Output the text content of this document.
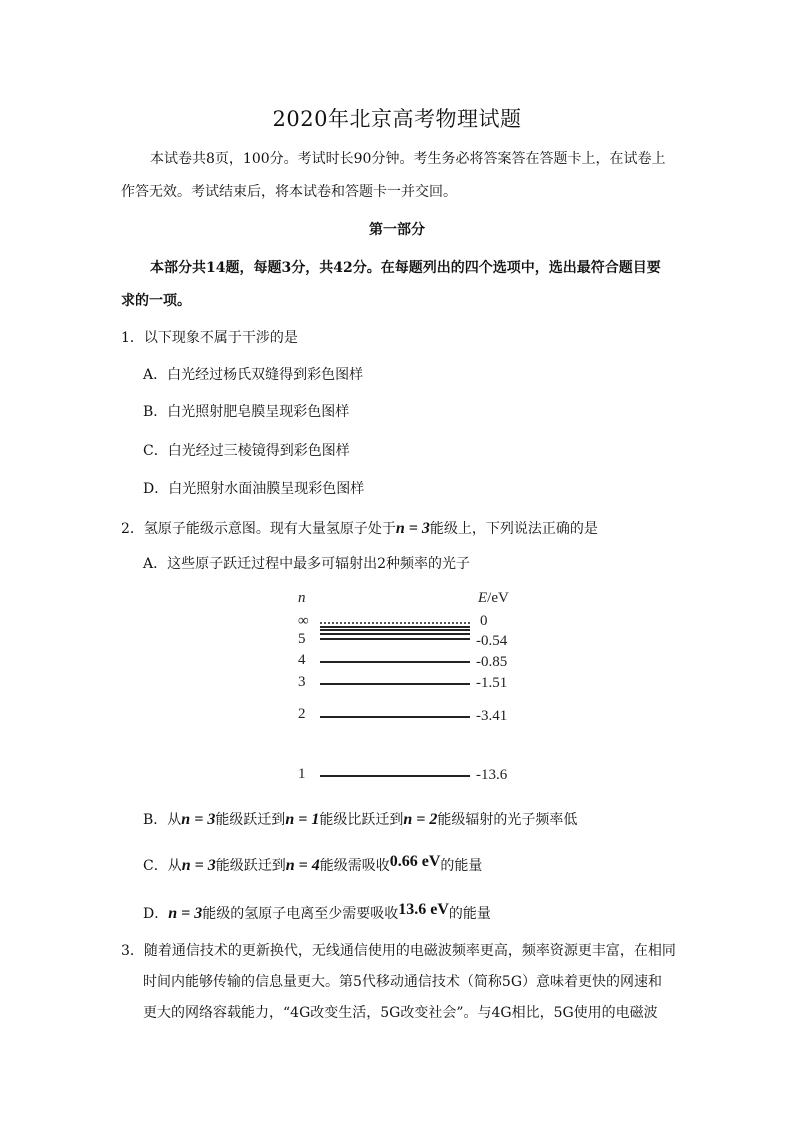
2020年北京高考物理试题
本试卷共8页，100分。考试时长90分钟。考生务必将答案答在答题卡上，在试卷上
作答无效。考试结束后，将本试卷和答题卡一并交回。
第一部分
本部分共14题，每题3分，共42分。在每题列出的四个选项中，选出最符合题目要
求的一项。
1．以下现象不属于干涉的是
A．白光经过杨氏双缝得到彩色图样
B．白光照射肥皂膜呈现彩色图样
C．白光经过三棱镜得到彩色图样
D．白光照射水面油膜呈现彩色图样
2．氢原子能级示意图。现有大量氢原子处于n = 3能级上，下列说法正确的是
A．这些原子跃迁过程中最多可辐射出2种频率的光子
n	E/eV
∞
5
4
3
2
1
0
-0.54
-0.85
-1.51
-3.41
-13.6
B．从n = 3能级跃迁到n = 1能级比跃迁到n = 2能级辐射的光子频率低
C．从n = 3能级跃迁到n = 4能级需吸收0.66 eV的能量
D．n = 3能级的氢原子电离至少需要吸收13.6 eV的能量
3．随着通信技术的更新换代，无线通信使用的电磁波频率更高，频率资源更丰富，在相同
时间内能够传输的信息量更大。第5代移动通信技术（简称5G）意味着更快的网速和
更大的网络容载能力，“4G改变生活，5G改变社会”。与4G相比，5G使用的电磁波
